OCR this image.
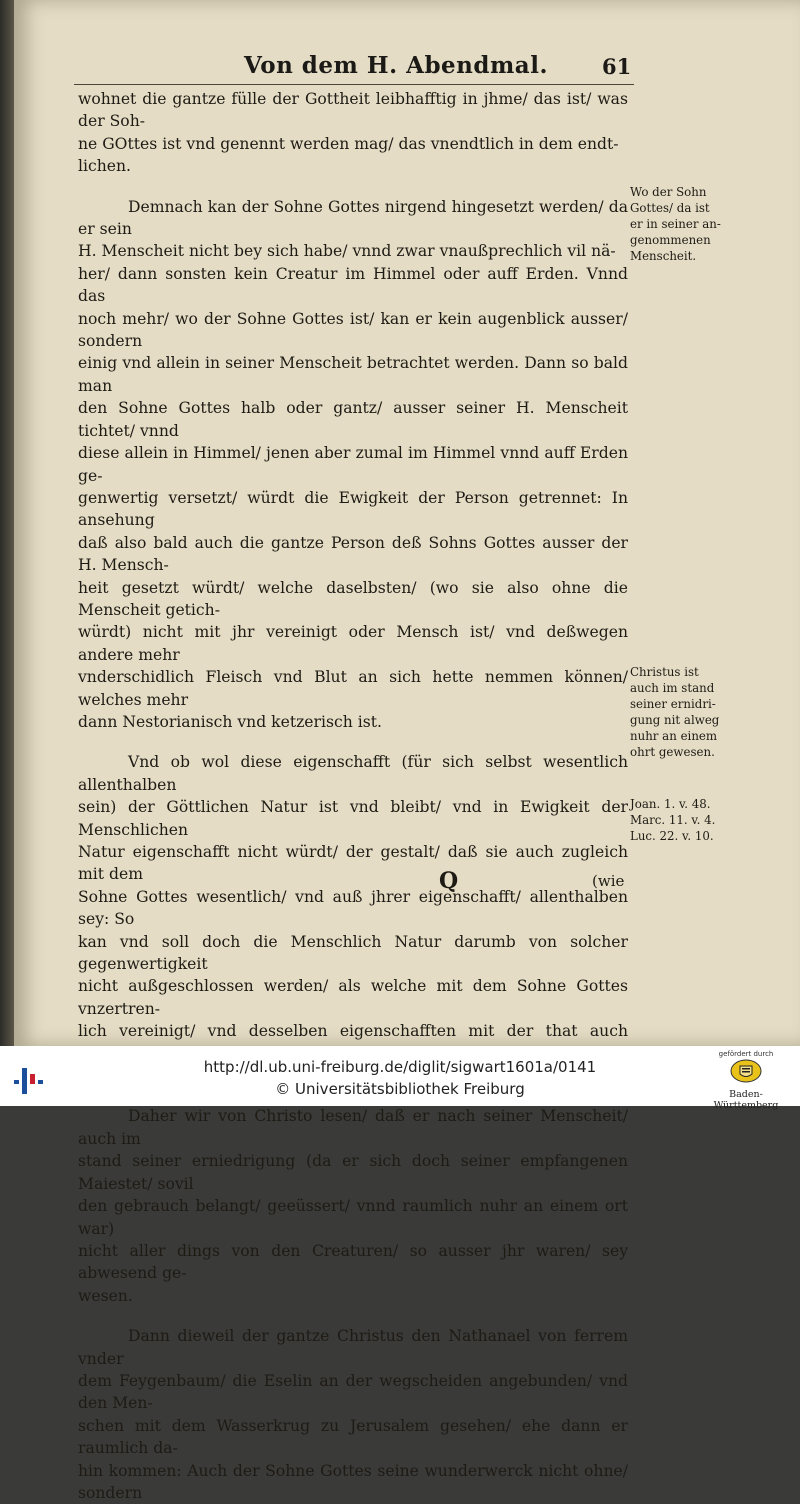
Von dem H. Abendmal.	61

wohnet die gantze fülle der Gottheit leibhafftig in jhme/ das ist/ was der Soh-
ne GOttes ist vnd genennt werden mag/ das vnendtlich in dem endt-
lichen.

Demnach kan der Sohne Gottes nirgend hingesetzt werden/ da er sein
H. Menscheit nicht bey sich habe/ vnnd zwar vnaußprechlich vil nä-
her/ dann sonsten kein Creatur im Himmel oder auff Erden. Vnnd das
noch mehr/ wo der Sohne Gottes ist/ kan er kein augenblick ausser/ sondern
einig vnd allein in seiner Menscheit betrachtet werden. Dann so bald man
den Sohne Gottes halb oder gantz/ ausser seiner H. Menscheit tichtet/ vnnd
diese allein in Himmel/ jenen aber zumal im Himmel vnnd auff Erden ge-
genwertig versetzt/ würdt die Ewigkeit der Person getrennet: In ansehung
daß also bald auch die gantze Person deß Sohns Gottes ausser der H. Mensch-
heit gesetzt würdt/ welche daselbsten/ (wo sie also ohne die Menscheit getich-
würdt) nicht mit jhr vereinigt oder Mensch ist/ vnd deßwegen andere mehr
vnderschidlich Fleisch vnd Blut an sich hette nemmen können/ welches mehr
dann Nestorianisch vnd ketzerisch ist.

Vnd ob wol diese eigenschafft (für sich selbst wesentlich allenthalben
sein) der Göttlichen Natur ist vnd bleibt/ vnd in Ewigkeit der Menschlichen
Natur eigenschafft nicht würdt/ der gestalt/ daß sie auch zugleich mit dem
Sohne Gottes wesentlich/ vnd auß jhrer eigenschafft/ allenthalben sey: So
kan vnd soll doch die Menschlich Natur darumb von solcher gegenwertigkeit
nicht außgeschlossen werden/ als welche mit dem Sohne Gottes vnzertren-
lich vereinigt/ vnd desselben eigenschafften mit der that auch

Daher wir von Christo lesen/ daß er nach seiner Menscheit/ auch im
stand seiner erniedrigung (da er sich doch seiner empfangenen Maiestet/ sovil
den gebrauch belangt/ geeüssert/ vnnd raumlich nuhr an einem ort war)
nicht aller dings von den Creaturen/ so ausser jhr waren/ sey abwesend ge-
wesen.

Dann dieweil der gantze Christus den Nathanael von ferrem vnder
dem Feygenbaum/ die Eselin an der wegscheiden angebunden/ vnd den Men-
schen mit dem Wasserkrug zu Jerusalem gesehen/ ehe dann er raumlich da-
hin kommen: Auch der Sohne Gottes seine wunderwerck nicht ohne/ sondern

Wo der Sohn
Gottes/ da ist
er in seiner an-
genommenen
Menscheit.
Christus ist
auch im stand
seiner ernidri-
gung nit alweg
nuhr an einem
ohrt gewesen.
Joan. 1. v. 48.
Marc. 11. v. 4.
Luc. 22. v. 10.
Q	(wie
http://dl.ub.uni-freiburg.de/diglit/sigwart1601a/0141
© Universitätsbibliothek Freiburg
gefördert durch
Baden-Württemberg
